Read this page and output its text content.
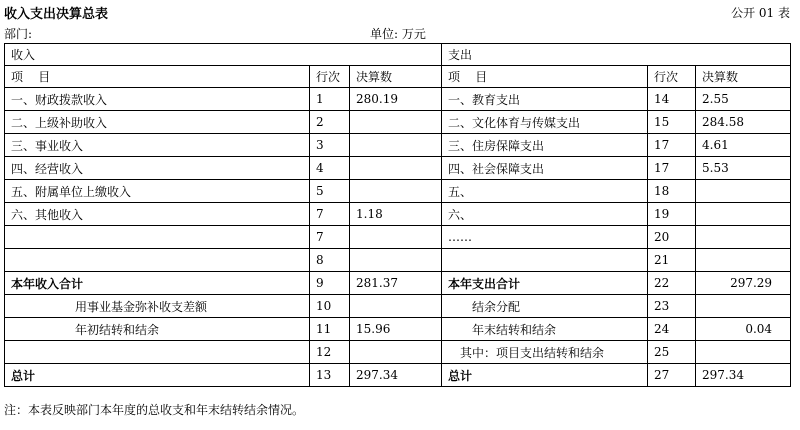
收入支出决算总表	公开 01 表
部门:	单位: 万元
收入			支出		
项    目	行次	决算数	项    目	行次	决算数
一、财政拨款收入	1	280.19	一、教育支出	14	2.55
二、上级补助收入	2		二、文化体育与传媒支出	15	284.58
三、事业收入	3		三、住房保障支出	17	4.61
四、经营收入	4		四、社会保障支出	17	5.53
五、附属单位上缴收入	5		五、	18	
六、其他收入	7	1.18	六、	19	
	7		……	20	
	8			21	
本年收入合计	9	281.37	本年支出合计	22	297.29
用事业基金弥补收支差额	10		结余分配	23	
年初结转和结余	11	15.96	年末结转和结余	24	0.04
	12		其中：项目支出结转和结余	25	
总计	13	297.34	总计	27	297.34
注：本表反映部门本年度的总收支和年末结转结余情况。
